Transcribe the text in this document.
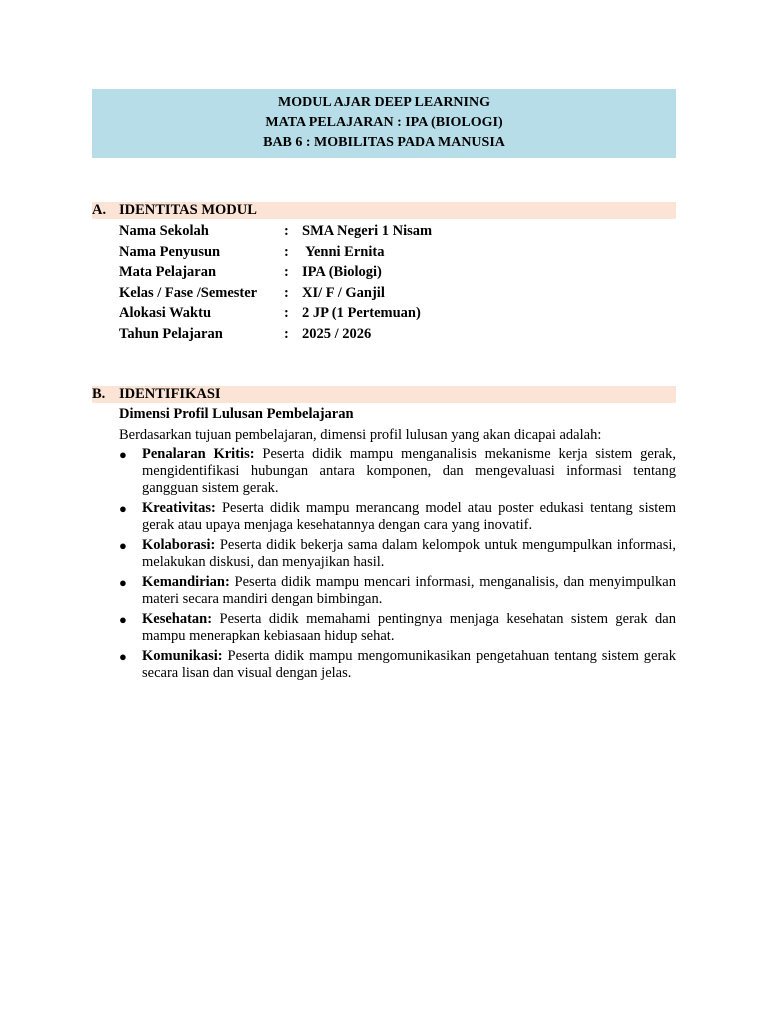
MODUL AJAR DEEP LEARNING
MATA PELAJARAN : IPA (BIOLOGI)
BAB 6 : MOBILITAS PADA MANUSIA
A. IDENTITAS MODUL
Nama Sekolah	: SMA Negeri 1 Nisam
Nama Penyusun	: Yenni Ernita
Mata Pelajaran	: IPA (Biologi)
Kelas / Fase /Semester : XI/ F / Ganjil
Alokasi Waktu	: 2 JP (1 Pertemuan)
Tahun Pelajaran	: 2025 / 2026
B. IDENTIFIKASI
Dimensi Profil Lulusan Pembelajaran
Berdasarkan tujuan pembelajaran, dimensi profil lulusan yang akan dicapai adalah:
● Penalaran Kritis: Peserta didik mampu menganalisis mekanisme kerja sistem gerak, mengidentifikasi hubungan antara komponen, dan mengevaluasi informasi tentang gangguan sistem gerak.
● Kreativitas: Peserta didik mampu merancang model atau poster edukasi tentang sistem gerak atau upaya menjaga kesehatannya dengan cara yang inovatif.
● Kolaborasi: Peserta didik bekerja sama dalam kelompok untuk mengumpulkan informasi, melakukan diskusi, dan menyajikan hasil.
● Kemandirian: Peserta didik mampu mencari informasi, menganalisis, dan menyimpulkan materi secara mandiri dengan bimbingan.
● Kesehatan: Peserta didik memahami pentingnya menjaga kesehatan sistem gerak dan mampu menerapkan kebiasaan hidup sehat.
● Komunikasi: Peserta didik mampu mengomunikasikan pengetahuan tentang sistem gerak secara lisan dan visual dengan jelas.
